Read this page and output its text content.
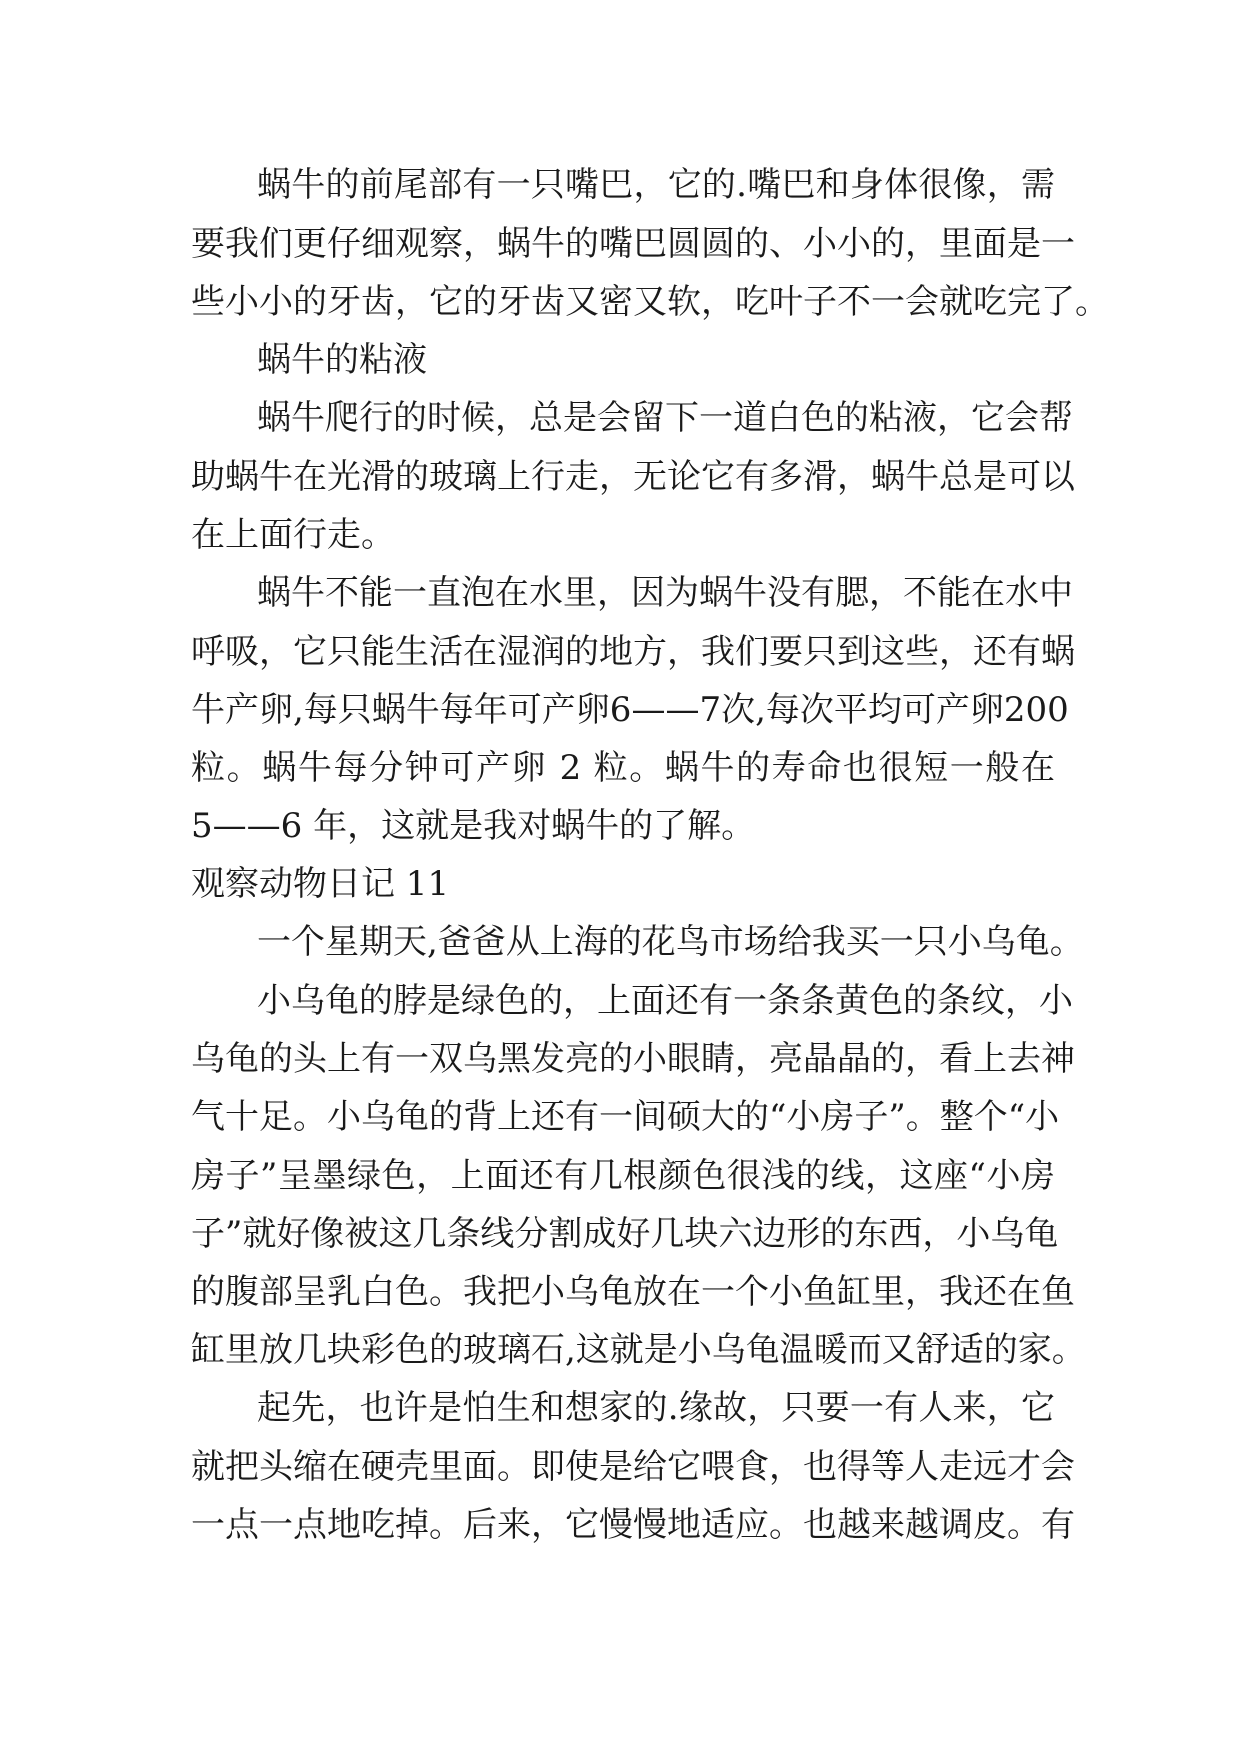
蜗牛的前尾部有一只嘴巴，它的.嘴巴和身体很像，需
要我们更仔细观察，蜗牛的嘴巴圆圆的、小小的，里面是一
些小小的牙齿，它的牙齿又密又软，吃叶子不一会就吃完了。
蜗牛的粘液
蜗牛爬行的时候，总是会留下一道白色的粘液，它会帮
助蜗牛在光滑的玻璃上行走，无论它有多滑，蜗牛总是可以
在上面行走。
蜗牛不能一直泡在水里，因为蜗牛没有腮，不能在水中
呼吸，它只能生活在湿润的地方，我们要只到这些，还有蜗
牛产卵,每只蜗牛每年可产卵6——7次,每次平均可产卵200
粒。蜗牛每分钟可产卵 2 粒。蜗牛的寿命也很短一般在
5——6 年，这就是我对蜗牛的了解。
观察动物日记 11
一个星期天,爸爸从上海的花鸟市场给我买一只小乌龟。
小乌龟的脖是绿色的，上面还有一条条黄色的条纹，小
乌龟的头上有一双乌黑发亮的小眼睛，亮晶晶的，看上去神
气十足。小乌龟的背上还有一间硕大的“小房子”。整个“小
房子”呈墨绿色，上面还有几根颜色很浅的线，这座“小房
子”就好像被这几条线分割成好几块六边形的东西，小乌龟
的腹部呈乳白色。我把小乌龟放在一个小鱼缸里，我还在鱼
缸里放几块彩色的玻璃石,这就是小乌龟温暖而又舒适的家。
起先，也许是怕生和想家的.缘故，只要一有人来，它
就把头缩在硬壳里面。即使是给它喂食，也得等人走远才会
一点一点地吃掉。后来，它慢慢地适应。也越来越调皮。有
